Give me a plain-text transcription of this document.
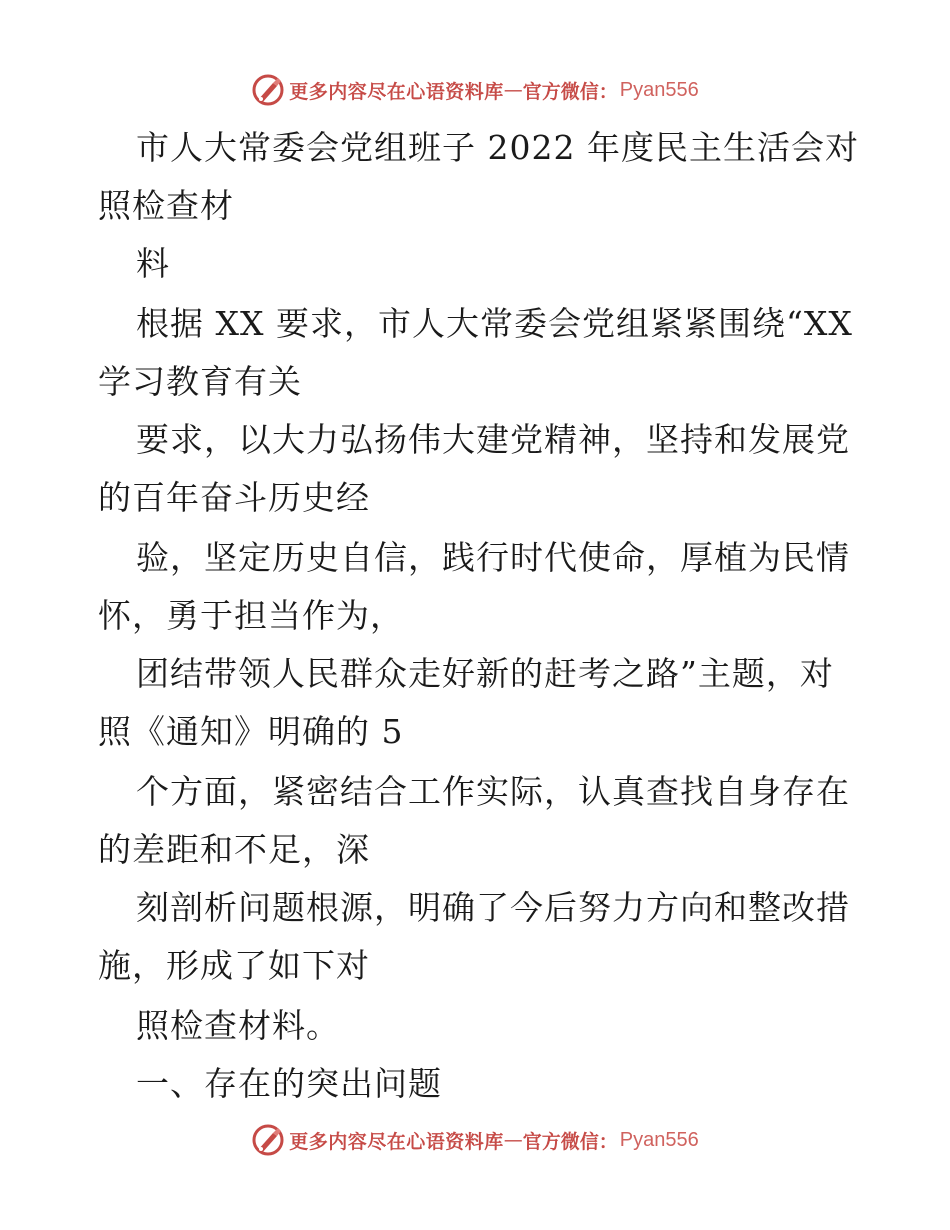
更多内容尽在心语资料库 — 官方微信： Pyan556
市人大常委会党组班子 2022 年度民主生活会对
照检查材
料
根据 XX 要求，市人大常委会党组紧紧围绕“XX
学习教育有关
要求，以大力弘扬伟大建党精神，坚持和发展党
的百年奋斗历史经
验，坚定历史自信，践行时代使命，厚植为民情
怀，勇于担当作为，
团结带领人民群众走好新的赶考之路”主题，对
照《通知》明确的 5
个方面，紧密结合工作实际，认真查找自身存在
的差距和不足，深
刻剖析问题根源，明确了今后努力方向和整改措
施，形成了如下对
照检查材料。
一、存在的突出问题
更多内容尽在心语资料库 — 官方微信： Pyan556
